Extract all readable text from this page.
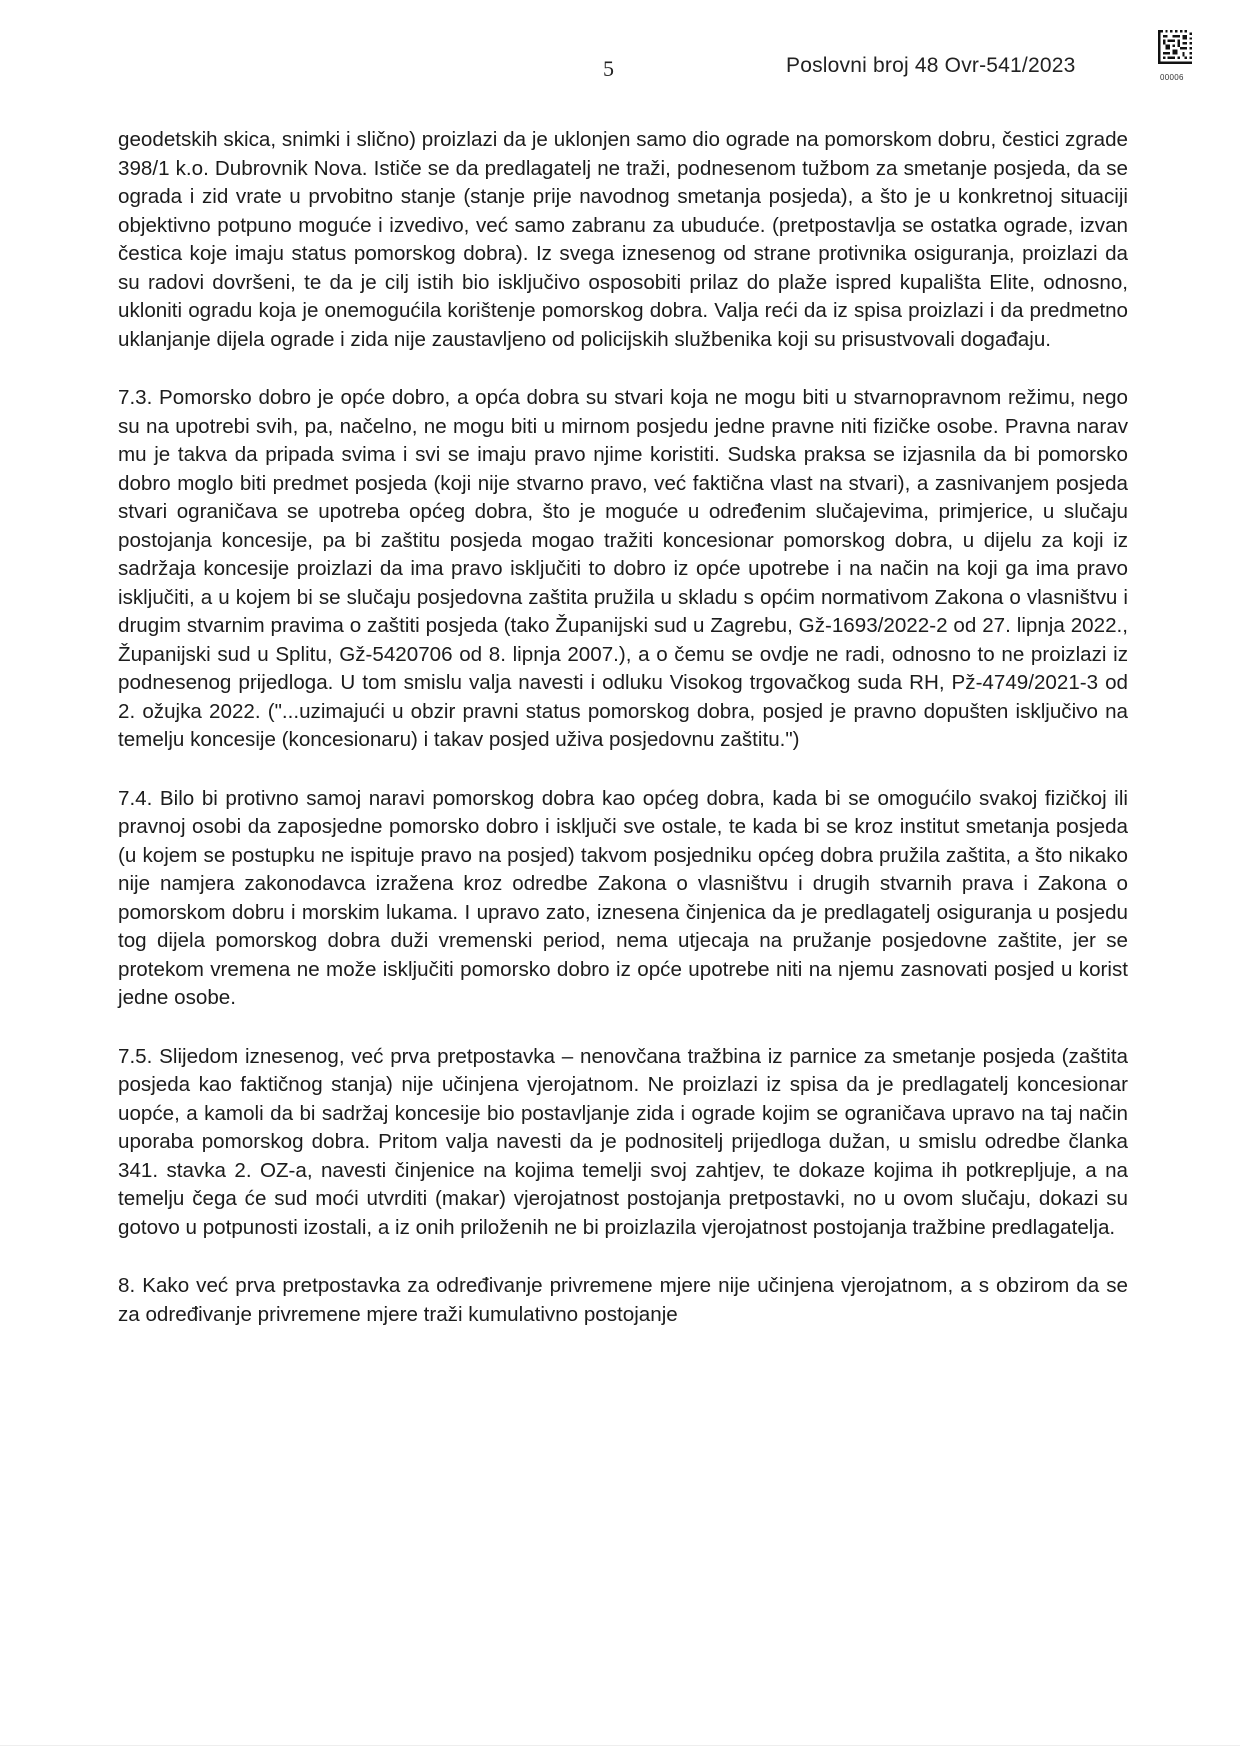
5	Poslovni broj 48 Ovr-541/2023
00006

geodetskih skica, snimki i slično) proizlazi da je uklonjen samo dio ograde na pomorskom dobru, čestici zgrade 398/1 k.o. Dubrovnik Nova. Ističe se da predlagatelj ne traži, podnesenom tužbom za smetanje posjeda, da se ograda i zid vrate u prvobitno stanje (stanje prije navodnog smetanja posjeda), a što je u konkretnoj situaciji objektivno potpuno moguće i izvedivo, već samo zabranu za ubuduće. (pretpostavlja se ostatka ograde, izvan čestica koje imaju status pomorskog dobra). Iz svega iznesenog od strane protivnika osiguranja, proizlazi da su radovi dovršeni, te da je cilj istih bio isključivo osposobiti prilaz do plaže ispred kupališta Elite, odnosno, ukloniti ogradu koja je onemogućila korištenje pomorskog dobra. Valja reći da iz spisa proizlazi i da predmetno uklanjanje dijela ograde i zida nije zaustavljeno od policijskih službenika koji su prisustvovali događaju.

7.3. Pomorsko dobro je opće dobro, a opća dobra su stvari koja ne mogu biti u stvarnopravnom režimu, nego su na upotrebi svih, pa, načelno, ne mogu biti u mirnom posjedu jedne pravne niti fizičke osobe. Pravna narav mu je takva da pripada svima i svi se imaju pravo njime koristiti. Sudska praksa se izjasnila da bi pomorsko dobro moglo biti predmet posjeda (koji nije stvarno pravo, već faktična vlast na stvari), a zasnivanjem posjeda stvari ograničava se upotreba općeg dobra, što je moguće u određenim slučajevima, primjerice, u slučaju postojanja koncesije, pa bi zaštitu posjeda mogao tražiti koncesionar pomorskog dobra, u dijelu za koji iz sadržaja koncesije proizlazi da ima pravo isključiti to dobro iz opće upotrebe i na način na koji ga ima pravo isključiti, a u kojem bi se slučaju posjedovna zaštita pružila u skladu s općim normativom Zakona o vlasništvu i drugim stvarnim pravima o zaštiti posjeda (tako Županijski sud u Zagrebu, Gž-1693/2022-2 od 27. lipnja 2022., Županijski sud u Splitu, Gž-5420706 od 8. lipnja 2007.), a o čemu se ovdje ne radi, odnosno to ne proizlazi iz podnesenog prijedloga. U tom smislu valja navesti i odluku Visokog trgovačkog suda RH, Pž-4749/2021-3 od 2. ožujka 2022. ("...uzimajući u obzir pravni status pomorskog dobra, posjed je pravno dopušten isključivo na temelju koncesije (koncesionaru) i takav posjed uživa posjedovnu zaštitu.")

7.4. Bilo bi protivno samoj naravi pomorskog dobra kao općeg dobra, kada bi se omogućilo svakoj fizičkoj ili pravnoj osobi da zaposjedne pomorsko dobro i isključi sve ostale, te kada bi se kroz institut smetanja posjeda (u kojem se postupku ne ispituje pravo na posjed) takvom posjedniku općeg dobra pružila zaštita, a što nikako nije namjera zakonodavca izražena kroz odredbe Zakona o vlasništvu i drugih stvarnih prava i Zakona o pomorskom dobru i morskim lukama. I upravo zato, iznesena činjenica da je predlagatelj osiguranja u posjedu tog dijela pomorskog dobra duži vremenski period, nema utjecaja na pružanje posjedovne zaštite, jer se protekom vremena ne može isključiti pomorsko dobro iz opće upotrebe niti na njemu zasnovati posjed u korist jedne osobe.

7.5. Slijedom iznesenog, već prva pretpostavka – nenovčana tražbina iz parnice za smetanje posjeda (zaštita posjeda kao faktičnog stanja) nije učinjena vjerojatnom. Ne proizlazi iz spisa da je predlagatelj koncesionar uopće, a kamoli da bi sadržaj koncesije bio postavljanje zida i ograde kojim se ograničava upravo na taj način uporaba pomorskog dobra. Pritom valja navesti da je podnositelj prijedloga dužan, u smislu odredbe članka 341. stavka 2. OZ-a, navesti činjenice na kojima temelji svoj zahtjev, te dokaze kojima ih potkrepljuje, a na temelju čega će sud moći utvrditi (makar) vjerojatnost postojanja pretpostavki, no u ovom slučaju, dokazi su gotovo u potpunosti izostali, a iz onih priloženih ne bi proizlazila vjerojatnost postojanja tražbine predlagatelja.

8. Kako već prva pretpostavka za određivanje privremene mjere nije učinjena vjerojatnom, a s obzirom da se za određivanje privremene mjere traži kumulativno postojanje
